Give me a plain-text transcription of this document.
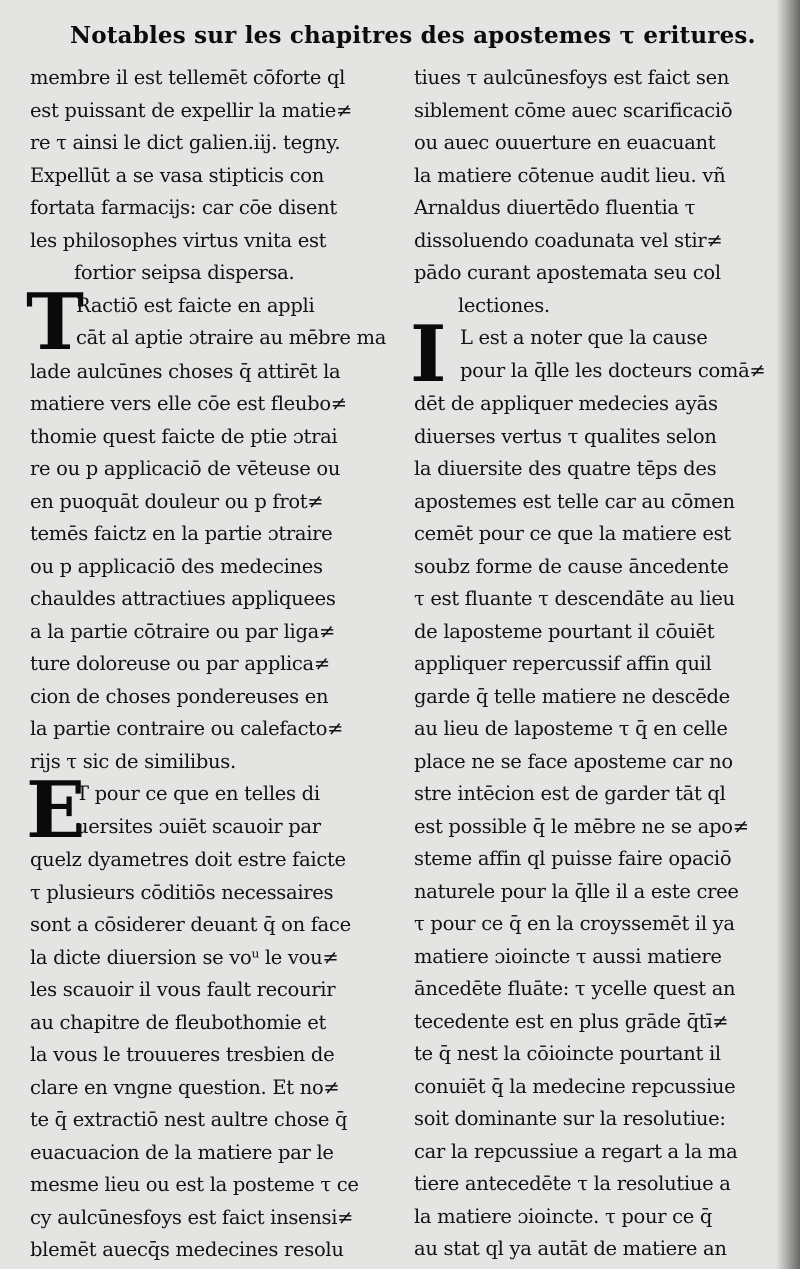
Notables sur les chapitres des apostemes τ eritures.
membre il est tellemēt cōforte ql
est puissant de expellir la matie≠
re τ ainsi le dict galien.iij. tegny.
Expellūt a se vasa stipticis con
fortata farmacijs: car cōe disent
les philosophes virtus vnita est
fortior seipsa dispersa.
T
Ractiō est faicte en appli
cāt al aptie ɔtraire au mēbre ma
lade aulcūnes choses q̄ attirēt la
matiere vers elle cōe est fleubo≠
thomie quest faicte de ptie ɔtrai
re ou p applicaciō de vēteuse ou
en puoquāt douleur ou p frot≠
temēs faictz en la partie ɔtraire
ou p applicaciō des medecines
chauldes attractiues appliquees
a la partie cōtraire ou par liga≠
ture doloreuse ou par applica≠
cion de choses pondereuses en
la partie contraire ou calefacto≠
rijs τ sic de similibus.
E
T pour ce que en telles di
uersites ɔuiēt scauoir par
quelz dyametres doit estre faicte
τ plusieurs cōditiōs necessaires
sont a cōsiderer deuant q̄ on face
la dicte diuersion se voᵘ le vou≠
les scauoir il vous fault recourir
au chapitre de fleubothomie et
la vous le trouueres tresbien de
clare en vngne question. Et no≠
te q̄ extractiō nest aultre chose q̄
euacuacion de la matiere par le
mesme lieu ou est la posteme τ ce
cy aulcūnesfoys est faict insensi≠
blemēt auecq̄s medecines resolu
tiues τ aulcūnesfoys est faict sen
siblement cōme auec scarificaciō
ou auec ouuerture en euacuant
la matiere cōtenue audit lieu. vñ
Arnaldus diuertēdo fluentia τ
dissoluendo coadunata vel stir≠
pādo curant apostemata seu col
lectiones.
I L est a noter que la cause
pour la q̄lle les docteurs comā≠
dēt de appliquer medecies ayās
diuerses vertus τ qualites selon
la diuersite des quatre tēps des
apostemes est telle car au cōmen
cemēt pour ce que la matiere est
soubz forme de cause āncedente
τ est fluante τ descendāte au lieu
de laposteme pourtant il cōuiēt
appliquer repercussif affin quil
garde q̄ telle matiere ne descēde
au lieu de laposteme τ q̄ en celle
place ne se face aposteme car no
stre intēcion est de garder tāt ql
est possible q̄ le mēbre ne se apo≠
steme affin ql puisse faire opaciō
naturele pour la q̄lle il a este cree
τ pour ce q̄ en la croyssemēt il ya
matiere ɔioincte τ aussi matiere
āncedēte fluāte: τ ycelle quest an
tecedente est en plus grāde q̄tī≠
te q̄ nest la cōioincte pourtant il
conuiēt q̄ la medecine repcussiue
soit dominante sur la resolutiue:
car la repcussiue a regart a la ma
tiere antecedēte τ la resolutiue a
la matiere ɔioincte. τ pour ce q̄
au stat ql ya autāt de matiere an
